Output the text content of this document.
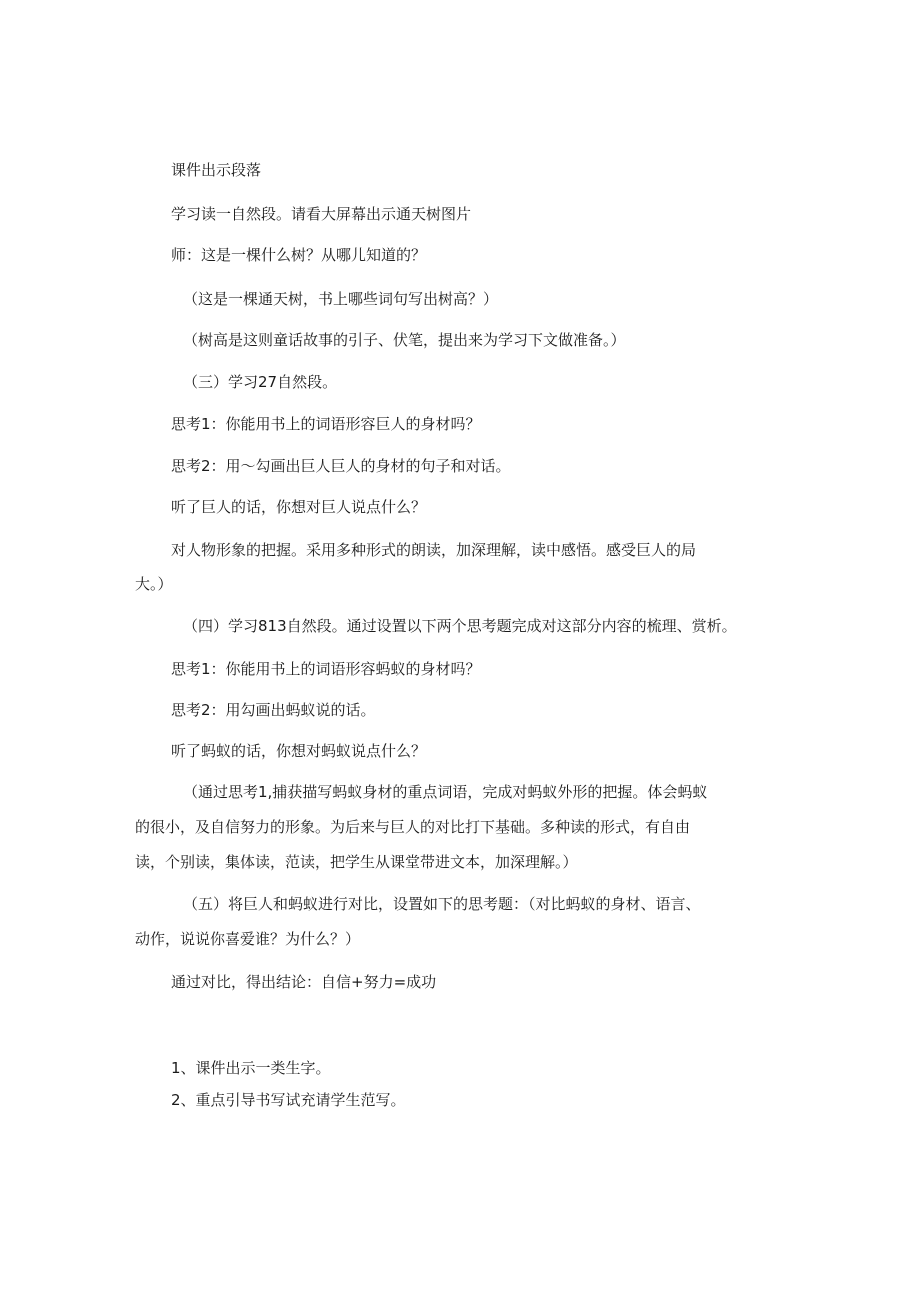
课件出示段落
学习读一自然段。请看大屏幕出示通天树图片
师：这是一棵什么树？从哪儿知道的？
（这是一棵通天树，书上哪些词句写出树高？）
（树高是这则童话故事的引子、伏笔，提出来为学习下文做准备。）
（三）学习27自然段。
思考1：你能用书上的词语形容巨人的身材吗？
思考2：用～勾画出巨人巨人的身材的句子和对话。
听了巨人的话，你想对巨人说点什么？
对人物形象的把握。采用多种形式的朗读，加深理解，读中感悟。感受巨人的局
大。）
（四）学习813自然段。通过设置以下两个思考题完成对这部分内容的梳理、赏析。
思考1：你能用书上的词语形容蚂蚁的身材吗？
思考2：用勾画出蚂蚁说的话。
听了蚂蚁的话，你想对蚂蚁说点什么？
（通过思考1,捕获描写蚂蚁身材的重点词语，完成对蚂蚁外形的把握。体会蚂蚁
的很小，及自信努力的形象。为后来与巨人的对比打下基础。多种读的形式，有自由
读，个别读，集体读，范读，把学生从课堂带进文本，加深理解。）
（五）将巨人和蚂蚁进行对比，设置如下的思考题：（对比蚂蚁的身材、语言、
动作，说说你喜爱谁？为什么？）
通过对比，得出结论：自信+努力=成功
1、课件出示一类生字。
2、重点引导书写试充请学生范写。
